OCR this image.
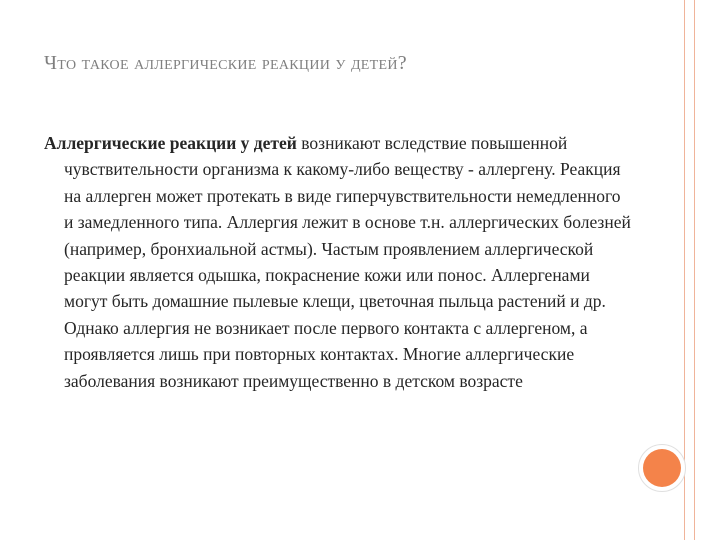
Что такое аллергические реакции у детей?

Аллергические реакции у детей возникают вследствие повышенной чувствительности организма к какому-либо веществу - аллергену. Реакция на аллерген может протекать в виде гиперчувствительности немедленного и замедленного типа. Аллергия лежит в основе т.н. аллергических болезней (например, бронхиальной астмы). Частым проявлением аллергической реакции является одышка, покраснение кожи или понос. Аллергенами могут быть домашние пылевые клещи, цветочная пыльца растений и др. Однако аллергия не возникает после первого контакта с аллергеном, а проявляется лишь при повторных контактах. Многие аллергические заболевания возникают преимущественно в детском возрасте
